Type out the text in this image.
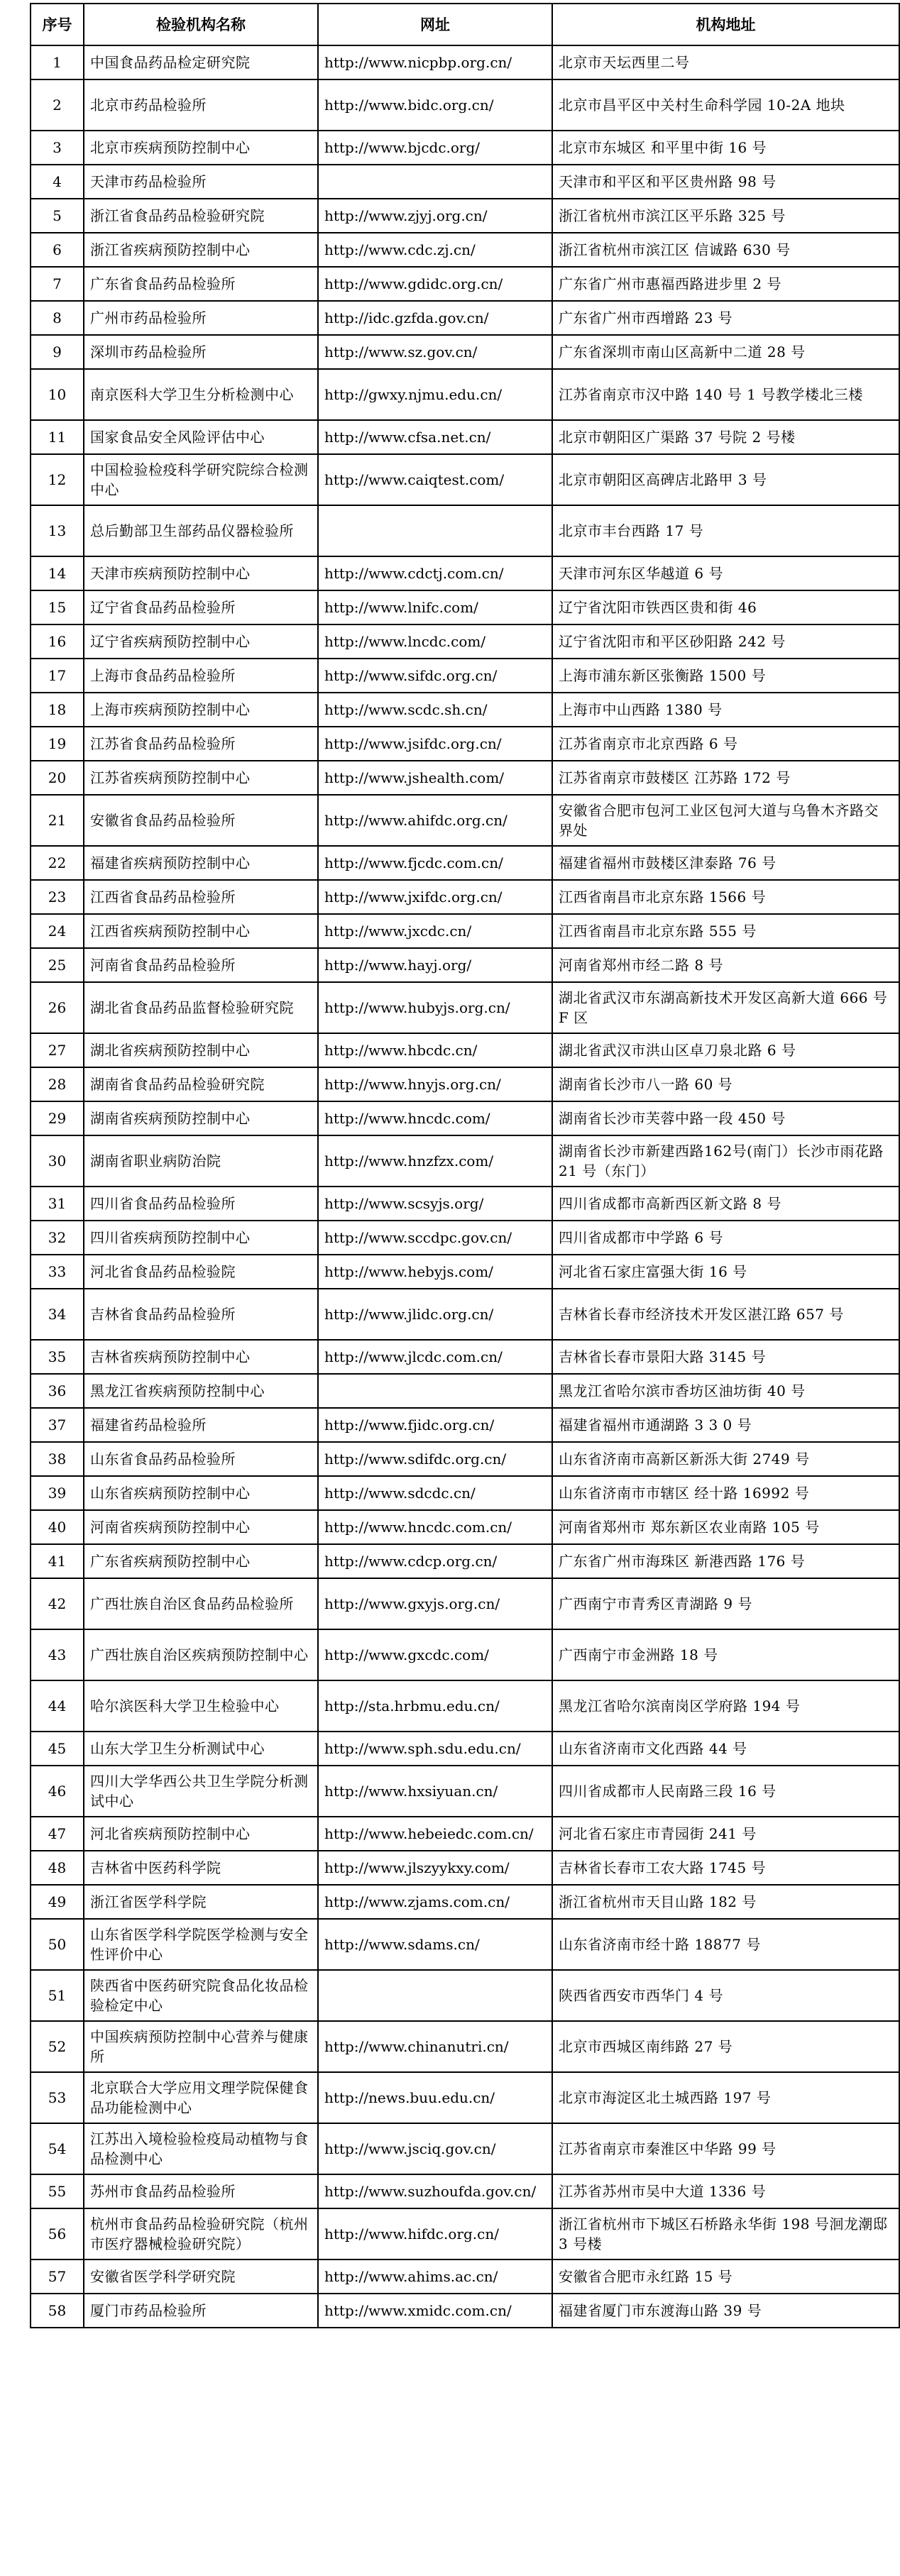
序号	检验机构名称	网址	机构地址
1	中国食品药品检定研究院	http://www.nicpbp.org.cn/	北京市天坛西里二号
2	北京市药品检验所	http://www.bidc.org.cn/	北京市昌平区中关村生命科学园 10-2A 地块
3	北京市疾病预防控制中心	http://www.bjcdc.org/	北京市东城区 和平里中街 16 号
4	天津市药品检验所		天津市和平区和平区贵州路 98 号
5	浙江省食品药品检验研究院	http://www.zjyj.org.cn/	浙江省杭州市滨江区平乐路 325 号
6	浙江省疾病预防控制中心	http://www.cdc.zj.cn/	浙江省杭州市滨江区 信诚路 630 号
7	广东省食品药品检验所	http://www.gdidc.org.cn/	广东省广州市惠福西路进步里 2 号
8	广州市药品检验所	http://idc.gzfda.gov.cn/	广东省广州市西增路 23 号
9	深圳市药品检验所	http://www.sz.gov.cn/	广东省深圳市南山区高新中二道 28 号
10	南京医科大学卫生分析检测中心	http://gwxy.njmu.edu.cn/	江苏省南京市汉中路 140 号 1 号教学楼北三楼
11	国家食品安全风险评估中心	http://www.cfsa.net.cn/	北京市朝阳区广渠路 37 号院 2 号楼
12	中国检验检疫科学研究院综合检测中心	http://www.caiqtest.com/	北京市朝阳区高碑店北路甲 3 号
13	总后勤部卫生部药品仪器检验所		北京市丰台西路 17 号
14	天津市疾病预防控制中心	http://www.cdctj.com.cn/	天津市河东区华越道 6 号
15	辽宁省食品药品检验所	http://www.lnifc.com/	辽宁省沈阳市铁西区贵和街 46
16	辽宁省疾病预防控制中心	http://www.lncdc.com/	辽宁省沈阳市和平区砂阳路 242 号
17	上海市食品药品检验所	http://www.sifdc.org.cn/	上海市浦东新区张衡路 1500 号
18	上海市疾病预防控制中心	http://www.scdc.sh.cn/	上海市中山西路 1380 号
19	江苏省食品药品检验所	http://www.jsifdc.org.cn/	江苏省南京市北京西路 6 号
20	江苏省疾病预防控制中心	http://www.jshealth.com/	江苏省南京市鼓楼区 江苏路 172 号
21	安徽省食品药品检验所	http://www.ahifdc.org.cn/	安徽省合肥市包河工业区包河大道与乌鲁木齐路交界处
22	福建省疾病预防控制中心	http://www.fjcdc.com.cn/	福建省福州市鼓楼区津泰路 76 号
23	江西省食品药品检验所	http://www.jxifdc.org.cn/	江西省南昌市北京东路 1566 号
24	江西省疾病预防控制中心	http://www.jxcdc.cn/	江西省南昌市北京东路 555 号
25	河南省食品药品检验所	http://www.hayj.org/	河南省郑州市经二路 8 号
26	湖北省食品药品监督检验研究院	http://www.hubyjs.org.cn/	湖北省武汉市东湖高新技术开发区高新大道 666 号 F 区
27	湖北省疾病预防控制中心	http://www.hbcdc.cn/	湖北省武汉市洪山区卓刀泉北路 6 号
28	湖南省食品药品检验研究院	http://www.hnyjs.org.cn/	湖南省长沙市八一路 60 号
29	湖南省疾病预防控制中心	http://www.hncdc.com/	湖南省长沙市芙蓉中路一段 450 号
30	湖南省职业病防治院	http://www.hnzfzx.com/	湖南省长沙市新建西路162号(南门）长沙市雨花路 21 号（东门）
31	四川省食品药品检验所	http://www.scsyjs.org/	四川省成都市高新西区新文路 8 号
32	四川省疾病预防控制中心	http://www.sccdpc.gov.cn/	四川省成都市中学路 6 号
33	河北省食品药品检验院	http://www.hebyjs.com/	河北省石家庄富强大街 16 号
34	吉林省食品药品检验所	http://www.jlidc.org.cn/	吉林省长春市经济技术开发区湛江路 657 号
35	吉林省疾病预防控制中心	http://www.jlcdc.com.cn/	吉林省长春市景阳大路 3145 号
36	黑龙江省疾病预防控制中心		黑龙江省哈尔滨市香坊区油坊街 40 号
37	福建省药品检验所	http://www.fjidc.org.cn/	福建省福州市通湖路 3 3 0 号
38	山东省食品药品检验所	http://www.sdifdc.org.cn/	山东省济南市高新区新泺大街 2749 号
39	山东省疾病预防控制中心	http://www.sdcdc.cn/	山东省济南市市辖区 经十路 16992 号
40	河南省疾病预防控制中心	http://www.hncdc.com.cn/	河南省郑州市 郑东新区农业南路 105 号
41	广东省疾病预防控制中心	http://www.cdcp.org.cn/	广东省广州市海珠区 新港西路 176 号
42	广西壮族自治区食品药品检验所	http://www.gxyjs.org.cn/	广西南宁市青秀区青湖路 9 号
43	广西壮族自治区疾病预防控制中心	http://www.gxcdc.com/	广西南宁市金洲路 18 号
44	哈尔滨医科大学卫生检验中心	http://sta.hrbmu.edu.cn/	黑龙江省哈尔滨南岗区学府路 194 号
45	山东大学卫生分析测试中心	http://www.sph.sdu.edu.cn/	山东省济南市文化西路 44 号
46	四川大学华西公共卫生学院分析测试中心	http://www.hxsiyuan.cn/	四川省成都市人民南路三段 16 号
47	河北省疾病预防控制中心	http://www.hebeiedc.com.cn/	河北省石家庄市青园街 241 号
48	吉林省中医药科学院	http://www.jlszyykxy.com/	吉林省长春市工农大路 1745 号
49	浙江省医学科学院	http://www.zjams.com.cn/	浙江省杭州市天目山路 182 号
50	山东省医学科学院医学检测与安全性评价中心	http://www.sdams.cn/	山东省济南市经十路 18877 号
51	陕西省中医药研究院食品化妆品检验检定中心		陕西省西安市西华门 4 号
52	中国疾病预防控制中心营养与健康所	http://www.chinanutri.cn/	北京市西城区南纬路 27 号
53	北京联合大学应用文理学院保健食品功能检测中心	http://news.buu.edu.cn/	北京市海淀区北土城西路 197 号
54	江苏出入境检验检疫局动植物与食品检测中心	http://www.jsciq.gov.cn/	江苏省南京市秦淮区中华路 99 号
55	苏州市食品药品检验所	http://www.suzhoufda.gov.cn/	江苏省苏州市吴中大道 1336 号
56	杭州市食品药品检验研究院（杭州市医疗器械检验研究院）	http://www.hifdc.org.cn/	浙江省杭州市下城区石桥路永华街 198 号洄龙潮邸 3 号楼
57	安徽省医学科学研究院	http://www.ahims.ac.cn/	安徽省合肥市永红路 15 号
58	厦门市药品检验所	http://www.xmidc.com.cn/	福建省厦门市东渡海山路 39 号
